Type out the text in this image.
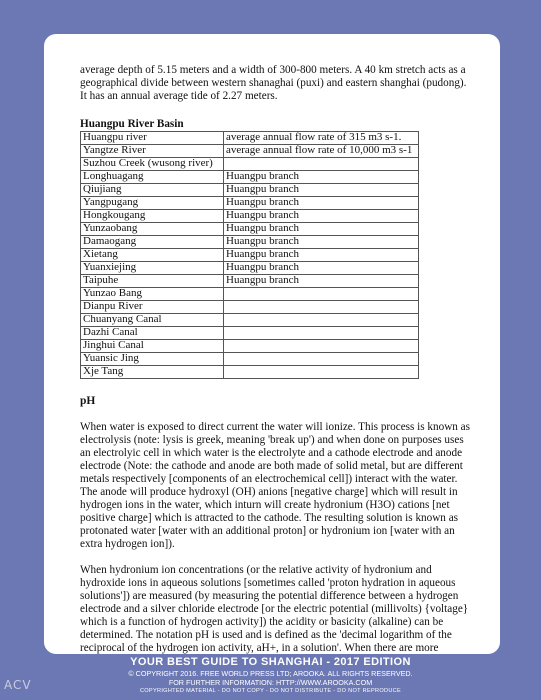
average depth of 5.15 meters and a width of 300-800 meters. A 40 km stretch acts as a geographical divide between western shanaghai (puxi) and eastern shanghai (pudong). It has an annual average tide of 2.27 meters.

Huangpu River Basin

Huangpu river	average annual flow rate of 315 m3 s-1.
Yangtze River	average annual flow rate of 10,000 m3 s-1
Suzhou Creek (wusong river)	
Longhuagang	Huangpu branch
Qiujiang	Huangpu branch
Yangpugang	Huangpu branch
Hongkougang	Huangpu branch
Yunzaobang	Huangpu branch
Damaogang	Huangpu branch
Xietang	Huangpu branch
Yuanxiejing	Huangpu branch
Taipuhe	Huangpu branch
Yunzao Bang	
Dianpu River	
Chuanyang Canal	
Dazhi Canal	
Jinghui Canal	
Yuansic Jing	
Xje Tang	

pH

When water is exposed to direct current the water will ionize. This process is known as electrolysis (note: lysis is greek, meaning 'break up') and when done on purposes uses an electrolyic cell in which water is the electrolyte and a cathode electrode and anode electrode (Note: the cathode and anode are both made of solid metal, but are different metals respectively [components of an electrochemical cell]) interact with the water. The anode will produce hydroxyl (OH) anions [negative charge] which will result in hydrogen ions in the water, which inturn will create hydronium (H3O) cations [net positive charge] which is attracted to the cathode. The resulting solution is known as protonated water [water with an additional proton] or hydronium ion [water with an extra hydrogen ion]).

When hydronium ion concentrations (or the relative activity of hydronium and hydroxide ions in aqueous solutions [sometimes called 'proton hydration in aqueous solutions']) are measured (by measuring the potential difference between a hydrogen electrode and a silver chloride electrode [or the electric potential (millivolts) {voltage} which is a function of hydrogen activity]) the acidity or basicity (alkaline) can be determined. The notation pH is used and is defined as the 'decimal logarithm of the reciprocal of the hydrogen ion activity, aH+, in a solution'. When there are more

YOUR BEST GUIDE TO SHANGHAI - 2017 EDITION
© COPYRIGHT 2016. FREE WORLD PRESS LTD; AROOKA. ALL RIGHTS RESERVED.
FOR FURTHER INFORMATION: HTTP://WWW.AROOKA.COM
COPYRIGHTED MATERIAL - DO NOT COPY - DO NOT DISTRIBUTE - DO NOT REPRODUCE
ACV
